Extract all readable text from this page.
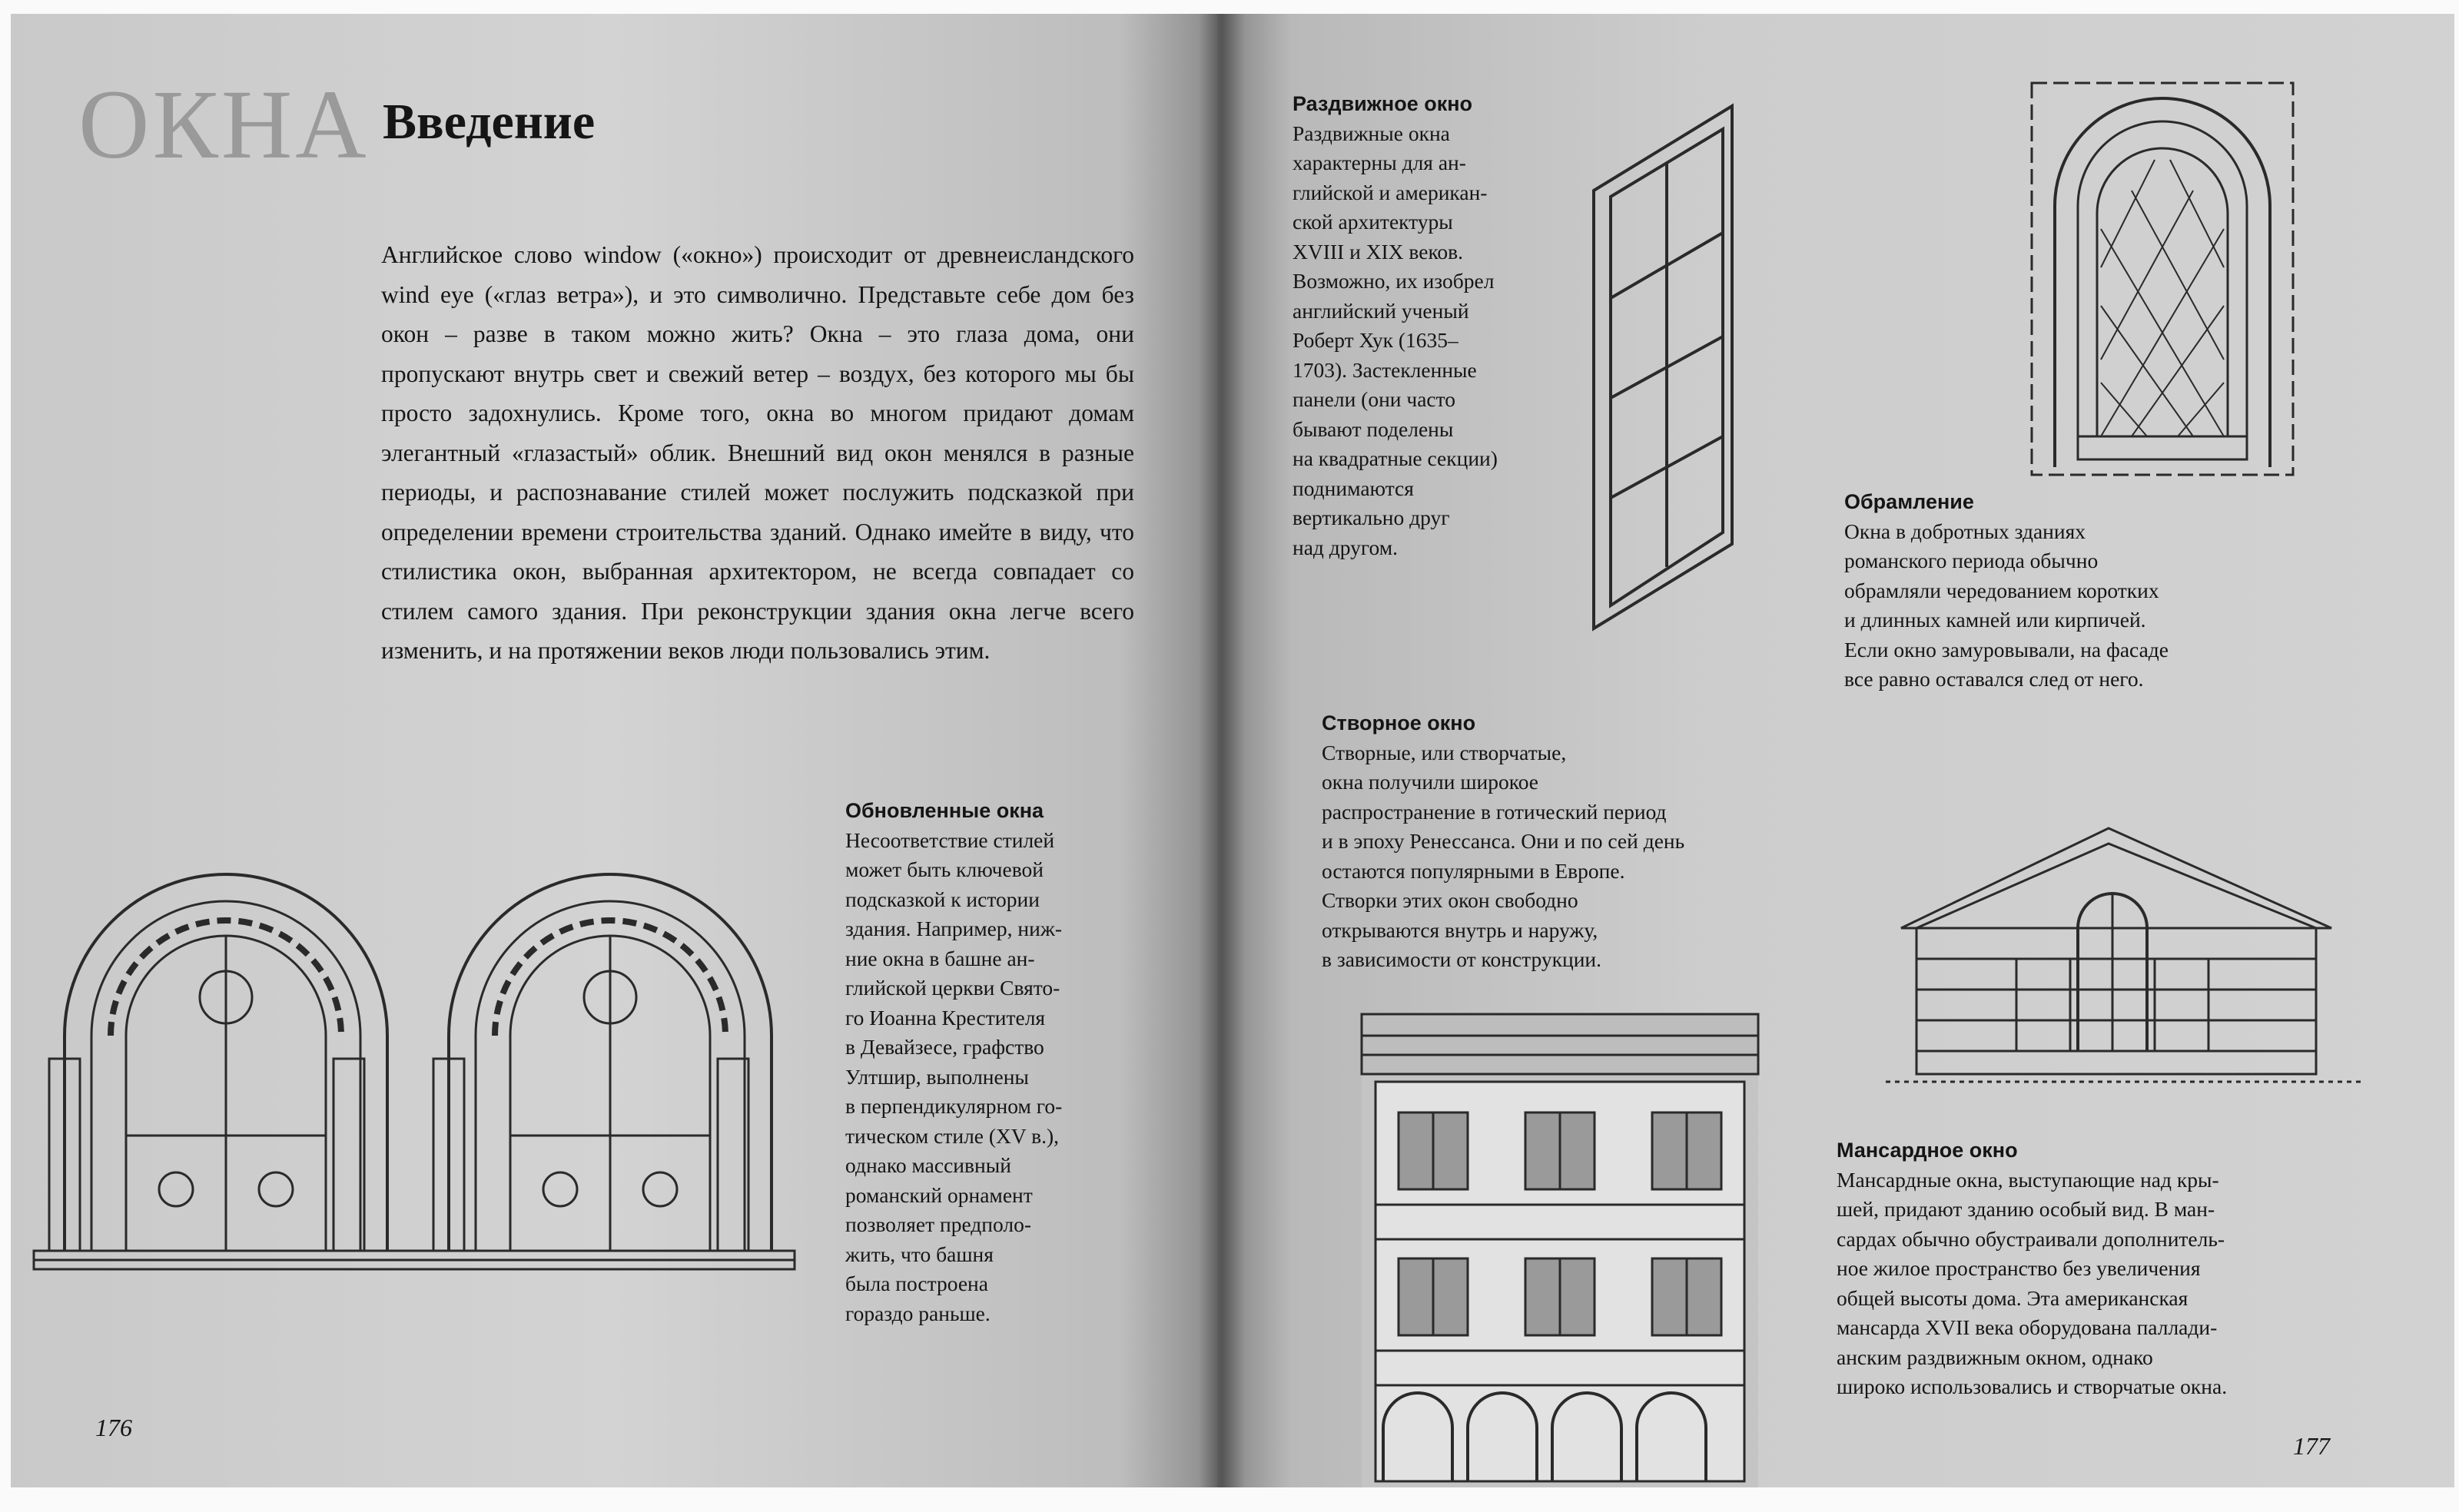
ОКНА Введение

Английское слово window («окно») происходит от древнеисландского wind eye («глаз ветра»), и это символично. Представьте себе дом без окон – разве в таком можно жить? Окна – это глаза дома, они пропускают внутрь свет и свежий ветер – воздух, без которого мы бы просто задохнулись. Кроме того, окна во многом придают домам элегантный «глазастый» облик. Внешний вид окон менялся в разные периоды, и распознавание стилей может послужить подсказкой при определении времени строительства зданий. Однако имейте в виду, что стилистика окон, выбранная архитектором, не всегда совпадает со стилем самого здания. При реконструкции здания окна легче всего изменить, и на протяжении веков люди пользовались этим.

Обновленные окна
Несоответствие стилей
может быть ключевой
подсказкой к истории
здания. Например, ниж-
ние окна в башне ан-
глийской церкви Свято-
го Иоанна Крестителя
в Девайзесе, графство
Ултшир, выполнены
в перпендикулярном го-
тическом стиле (XV в.),
однако массивный
романский орнамент
позволяет предполо-
жить, что башня
была построена
гораздо раньше.
176
Раздвижное окно
Раздвижные окна
характерны для ан-
глийской и американ-
ской архитектуры
XVIII и XIX веков.
Возможно, их изобрел
английский ученый
Роберт Хук (1635–
1703). Застекленные
панели (они часто
бывают поделены
на квадратные секции)
поднимаются
вертикально друг
над другом.
Обрамление
Окна в добротных зданиях
романского периода обычно
обрамляли чередованием коротких
и длинных камней или кирпичей.
Если окно замуровывали, на фасаде
все равно оставался след от него.
Створное окно
Створные, или створчатые,
окна получили широкое
распространение в готический период
и в эпоху Ренессанса. Они и по сей день
остаются популярными в Европе.
Створки этих окон свободно
открываются внутрь и наружу,
в зависимости от конструкции.
Мансардное окно
Мансардные окна, выступающие над кры-
шей, придают зданию особый вид. В ман-
сардах обычно обустраивали дополнитель-
ное жилое пространство без увеличения
общей высоты дома. Эта американская
мансарда XVII века оборудована паллади-
анским раздвижным окном, однако
широко использовались и створчатые окна.
177
